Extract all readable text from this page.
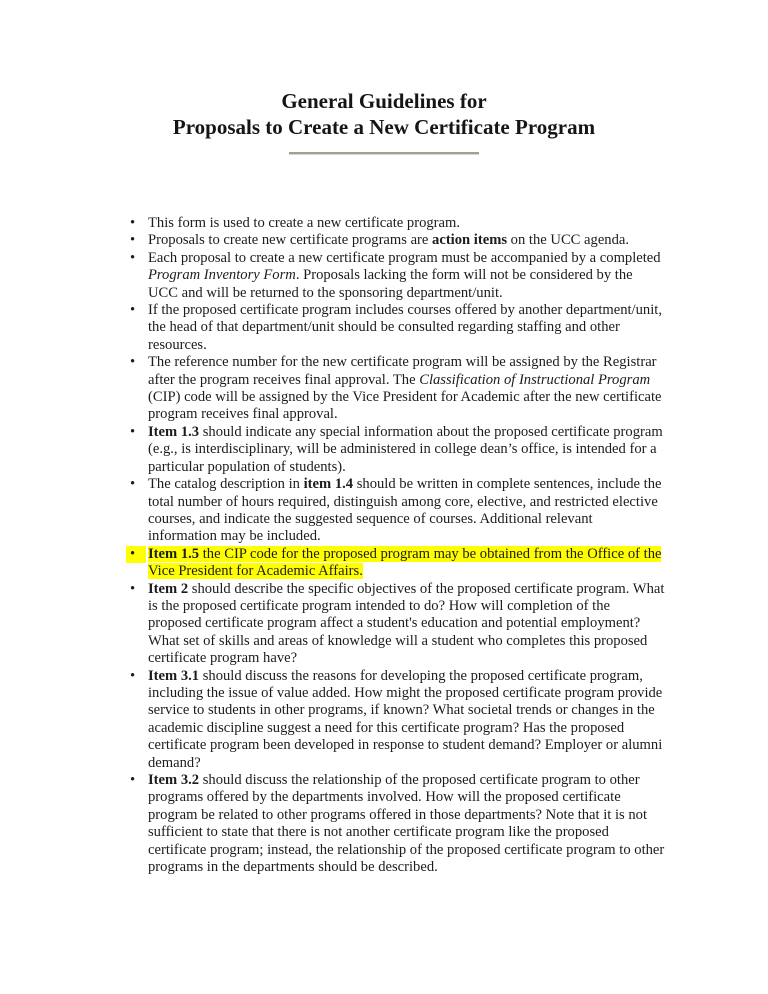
General Guidelines for
Proposals to Create a New Certificate Program
• This form is used to create a new certificate program.
• Proposals to create new certificate programs are action items on the UCC agenda.
• Each proposal to create a new certificate program must be accompanied by a completed Program Inventory Form. Proposals lacking the form will not be considered by the UCC and will be returned to the sponsoring department/unit.
• If the proposed certificate program includes courses offered by another department/unit, the head of that department/unit should be consulted regarding staffing and other resources.
• The reference number for the new certificate program will be assigned by the Registrar after the program receives final approval. The Classification of Instructional Program (CIP) code will be assigned by the Vice President for Academic after the new certificate program receives final approval.
• Item 1.3 should indicate any special information about the proposed certificate program (e.g., is interdisciplinary, will be administered in college dean’s office, is intended for a particular population of students).
• The catalog description in item 1.4 should be written in complete sentences, include the total number of hours required, distinguish among core, elective, and restricted elective courses, and indicate the suggested sequence of courses. Additional relevant information may be included.
• Item 1.5 the CIP code for the proposed program may be obtained from the Office of the Vice President for Academic Affairs.
• Item 2 should describe the specific objectives of the proposed certificate program. What is the proposed certificate program intended to do? How will completion of the proposed certificate program affect a student's education and potential employment? What set of skills and areas of knowledge will a student who completes this proposed certificate program have?
• Item 3.1 should discuss the reasons for developing the proposed certificate program, including the issue of value added. How might the proposed certificate program provide service to students in other programs, if known? What societal trends or changes in the academic discipline suggest a need for this certificate program? Has the proposed certificate program been developed in response to student demand? Employer or alumni demand?
• Item 3.2 should discuss the relationship of the proposed certificate program to other programs offered by the departments involved. How will the proposed certificate program be related to other programs offered in those departments? Note that it is not sufficient to state that there is not another certificate program like the proposed certificate program; instead, the relationship of the proposed certificate program to other programs in the departments should be described.
